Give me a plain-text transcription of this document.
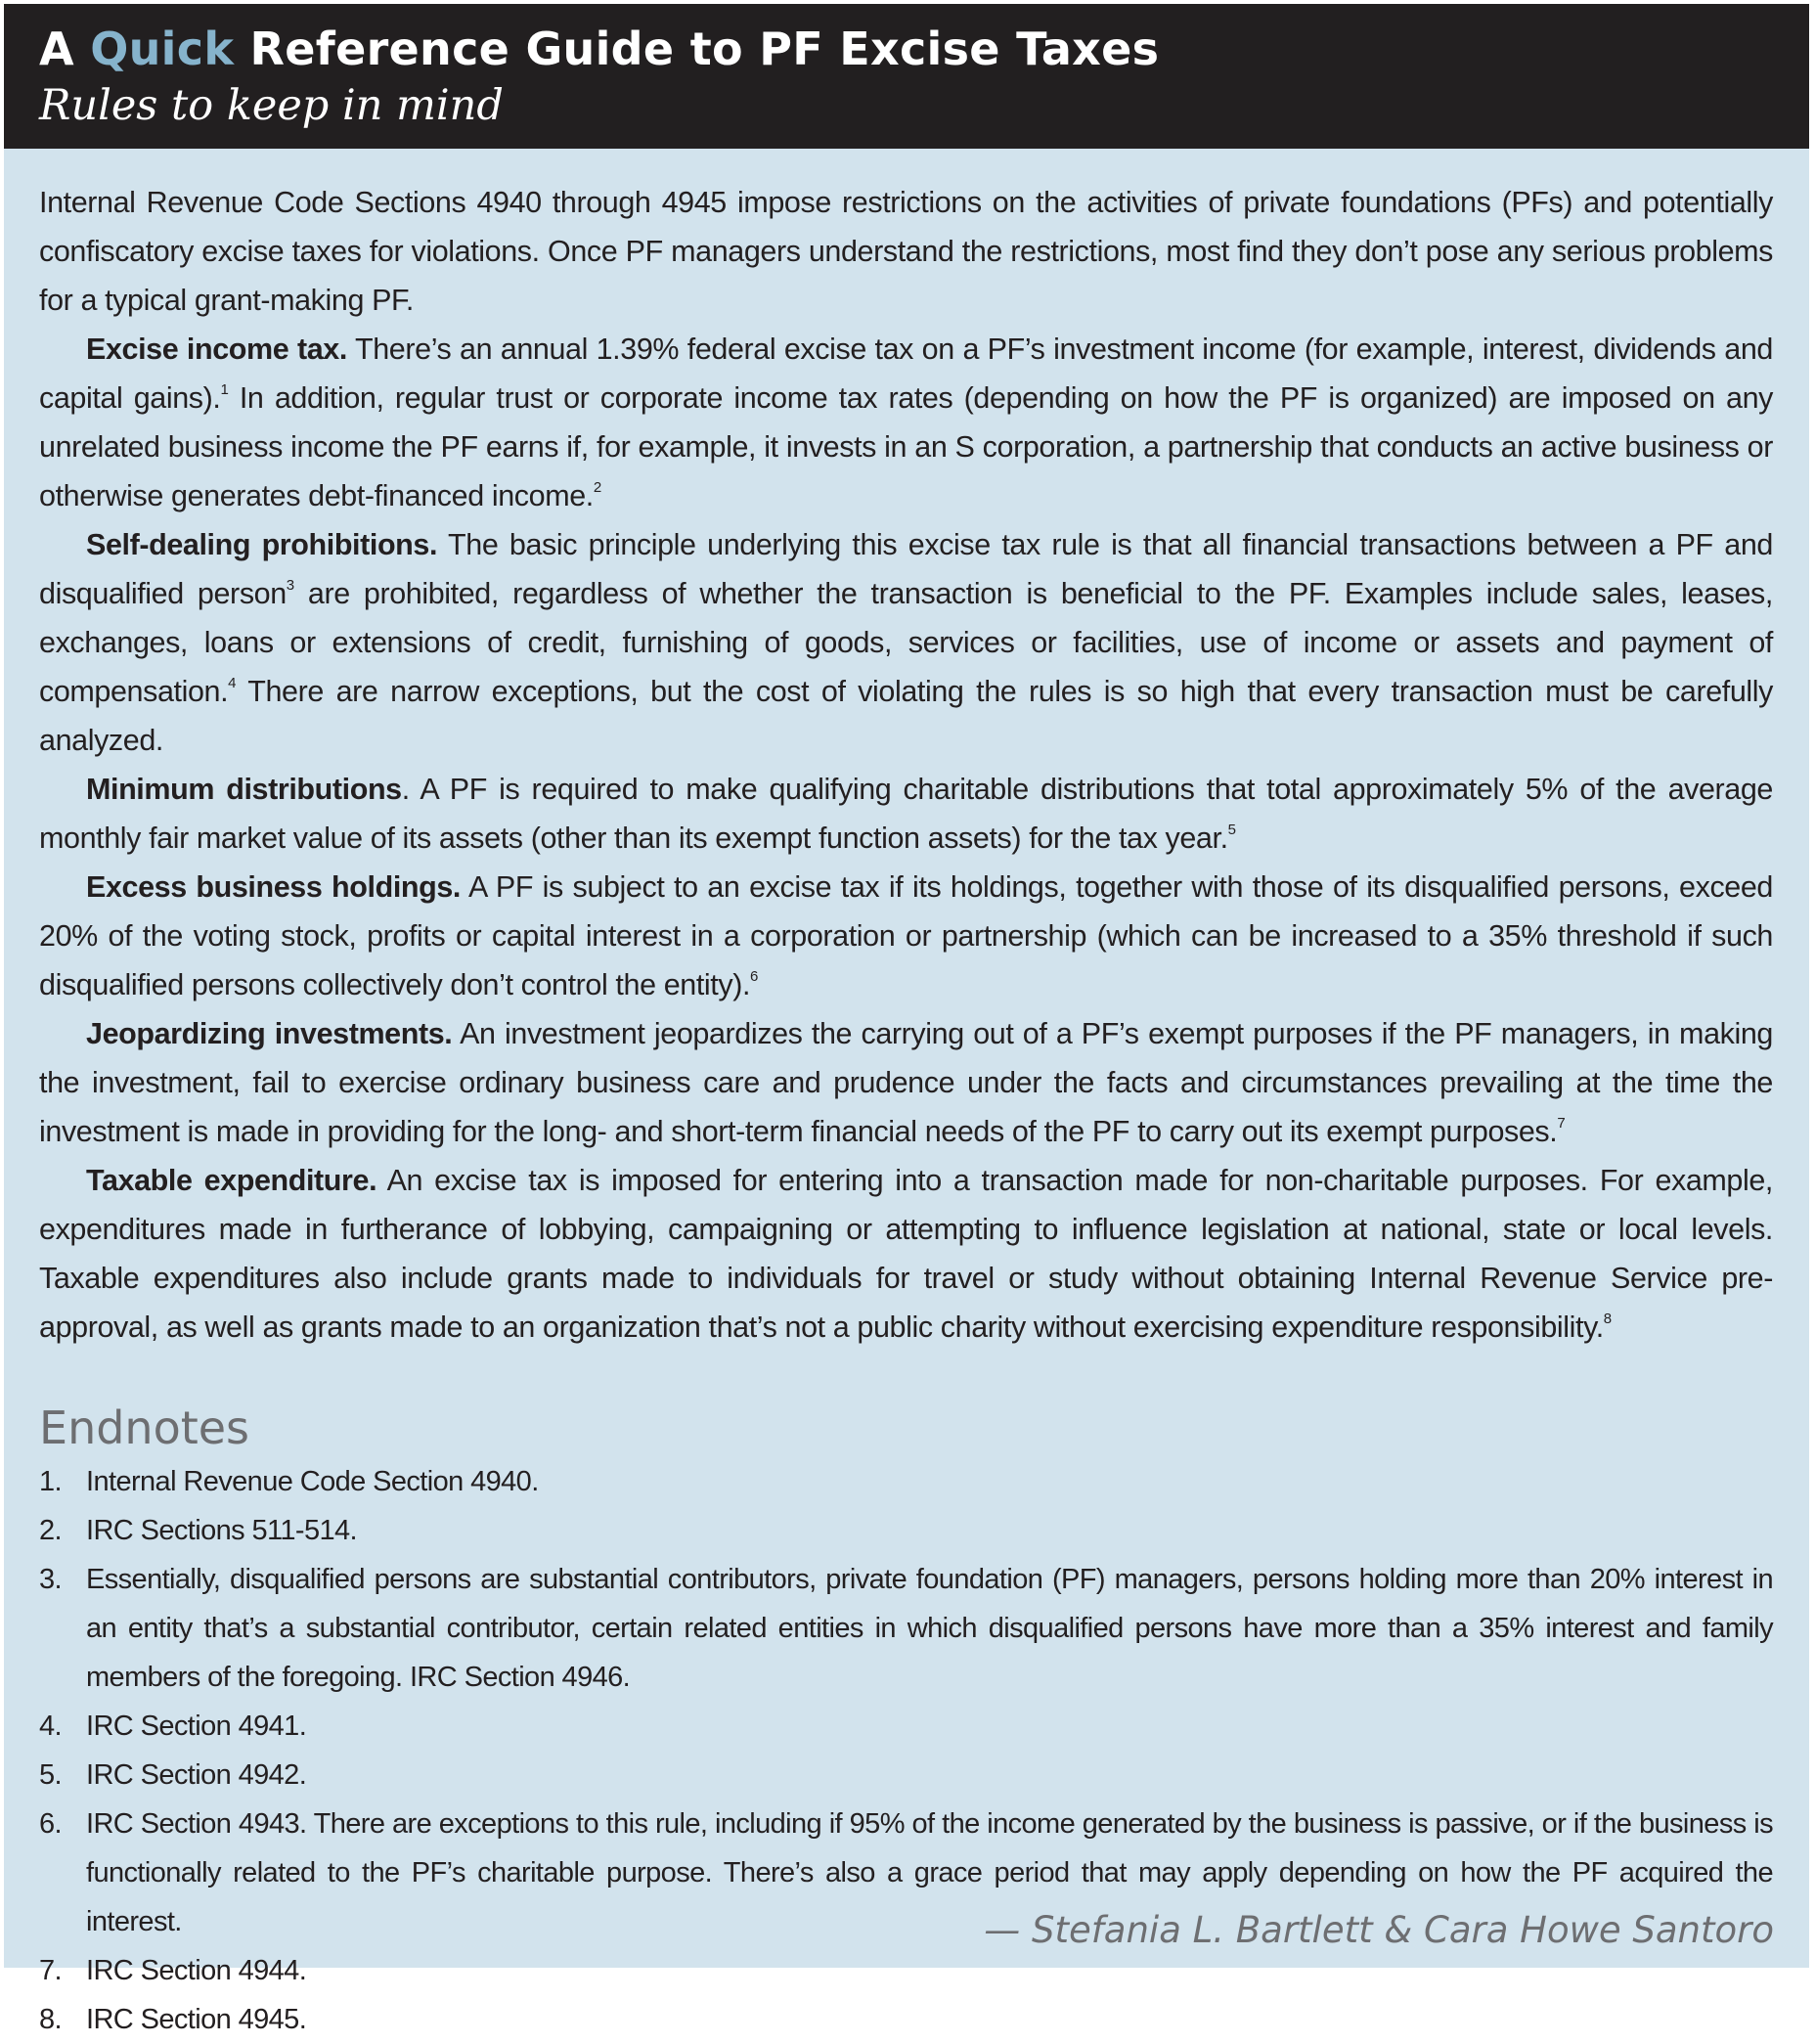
A Quick Reference Guide to PF Excise Taxes
Rules to keep in mind

Internal Revenue Code Sections 4940 through 4945 impose restrictions on the activities of private foundations (PFs) and potentially confiscatory excise taxes for violations. Once PF managers understand the restrictions, most find they don’t pose any serious problems for a typical grant-making PF.

Excise income tax. There’s an annual 1.39% federal excise tax on a PF’s investment income (for example, interest, dividends and capital gains).$^1$ In addition, regular trust or corporate income tax rates (depending on how the PF is organized) are imposed on any unrelated business income the PF earns if, for example, it invests in an S corporation, a partnership that conducts an active business or otherwise generates debt-financed income.$^2$

Self-dealing prohibitions. The basic principle underlying this excise tax rule is that all financial transactions between a PF and disqualified person$^3$ are prohibited, regardless of whether the transaction is beneficial to the PF. Examples include sales, leases, exchanges, loans or extensions of credit, furnishing of goods, services or facilities, use of income or assets and payment of compensation.$^4$ There are narrow exceptions, but the cost of violating the rules is so high that every transaction must be carefully analyzed.

Minimum distributions. A PF is required to make qualifying charitable distributions that total approximately 5% of the average monthly fair market value of its assets (other than its exempt function assets) for the tax year.$^5$

Excess business holdings. A PF is subject to an excise tax if its holdings, together with those of its disqualified persons, exceed 20% of the voting stock, profits or capital interest in a corporation or partnership (which can be increased to a 35% threshold if such disqualified persons collectively don’t control the entity).$^6$

Jeopardizing investments. An investment jeopardizes the carrying out of a PF’s exempt purposes if the PF managers, in making the investment, fail to exercise ordinary business care and prudence under the facts and circumstances prevailing at the time the investment is made in providing for the long- and short-term financial needs of the PF to carry out its exempt purposes.$^7$

Taxable expenditure. An excise tax is imposed for entering into a transaction made for non-charitable purposes. For example, expenditures made in furtherance of lobbying, campaigning or attempting to influence legislation at national, state or local levels. Taxable expenditures also include grants made to individuals for travel or study without obtaining Internal Revenue Service pre-approval, as well as grants made to an organization that’s not a public charity without exercising expenditure responsibility.$^8$

Endnotes
1. Internal Revenue Code Section 4940.
2. IRC Sections 511-514.
3. Essentially, disqualified persons are substantial contributors, private foundation (PF) managers, persons holding more than 20% interest in an entity that’s a substantial contributor, certain related entities in which disqualified persons have more than a 35% interest and family members of the foregoing. IRC Section 4946.
4. IRC Section 4941.
5. IRC Section 4942.
6. IRC Section 4943. There are exceptions to this rule, including if 95% of the income generated by the business is passive, or if the business is functionally related to the PF’s charitable purpose. There’s also a grace period that may apply depending on how the PF acquired the interest.
7. IRC Section 4944.
8. IRC Section 4945.
— Stefania L. Bartlett & Cara Howe Santoro
